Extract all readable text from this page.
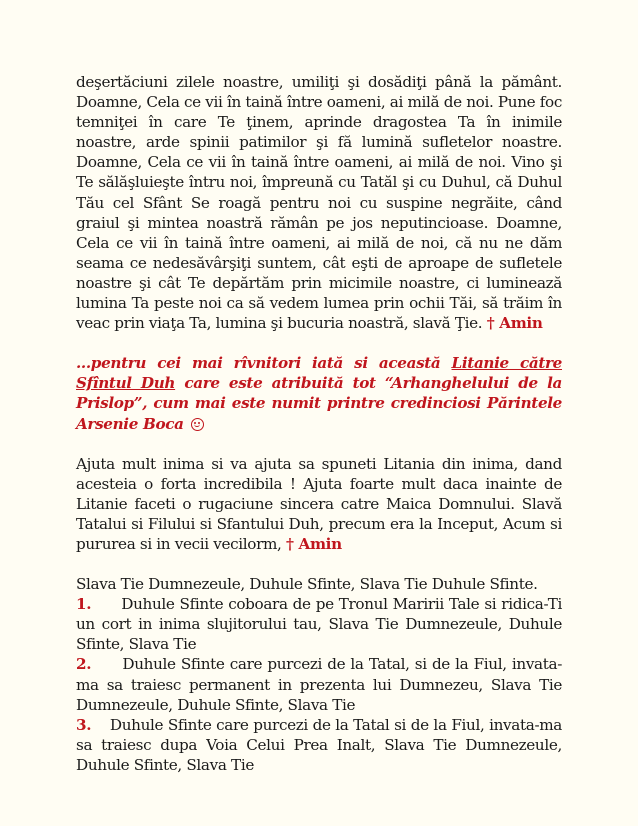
deşertăciuni zilele noastre, umiliţi şi dosădiţi până la pământ. Doamne, Cela ce vii în taină între oameni, ai milă de noi. Pune foc temniţei în care Te ţinem, aprinde dragostea Ta în inimile noastre, arde spinii patimilor şi fă lumină sufletelor noastre. Doamne, Cela ce vii în taină între oameni, ai milă de noi. Vino şi Te sălăşluieşte întru noi, împreună cu Tatăl şi cu Duhul, că Duhul Tău cel Sfânt Se roagă pentru noi cu suspine negrăite, când graiul şi mintea noastră rămân pe jos neputincioase. Doamne, Cela ce vii în taină între oameni, ai milă de noi, că nu ne dăm seama ce nedesăvârşiţi suntem, cât eşti de aproape de sufletele noastre şi cât Te depărtăm prin micimile noastre, ci luminează lumina Ta peste noi ca să vedem lumea prin ochii Tăi, să trăim în veac prin viaţa Ta, lumina şi bucuria noastră, slavă Ţie. † Amin

...pentru cei mai rîvnitori iată si această Litanie către Sfîntul Duh care este atribuită tot “Arhanghelului de la Prislop”, cum mai este numit printre credinciosi Părintele Arsenie Boca

Ajuta mult inima si va ajuta sa spuneti Litania din inima, dand acesteia o forta incredibila ! Ajuta foarte mult daca inainte de Litanie faceti o rugaciune sincera catre Maica Domnului. Slavă Tatalui si Filului si Sfantului Duh, precum era la Inceput, Acum si pururea si in vecii vecilorm, † Amin

Slava Tie Dumnezeule, Duhule Sfinte, Slava Tie Duhule Sfinte.

1. Duhule Sfinte coboara de pe Tronul Maririi Tale si ridica-Ti un cort in inima slujitorului tau, Slava Tie Dumnezeule, Duhule Sfinte, Slava Tie

2. Duhule Sfinte care purcezi de la Tatal, si de la Fiul, invata-ma sa traiesc permanent in prezenta lui Dumnezeu, Slava Tie Dumnezeule, Duhule Sfinte, Slava Tie

3. Duhule Sfinte care purcezi de la Tatal si de la Fiul, invata-ma sa traiesc dupa Voia Celui Prea Inalt, Slava Tie Dumnezeule, Duhule Sfinte, Slava Tie
